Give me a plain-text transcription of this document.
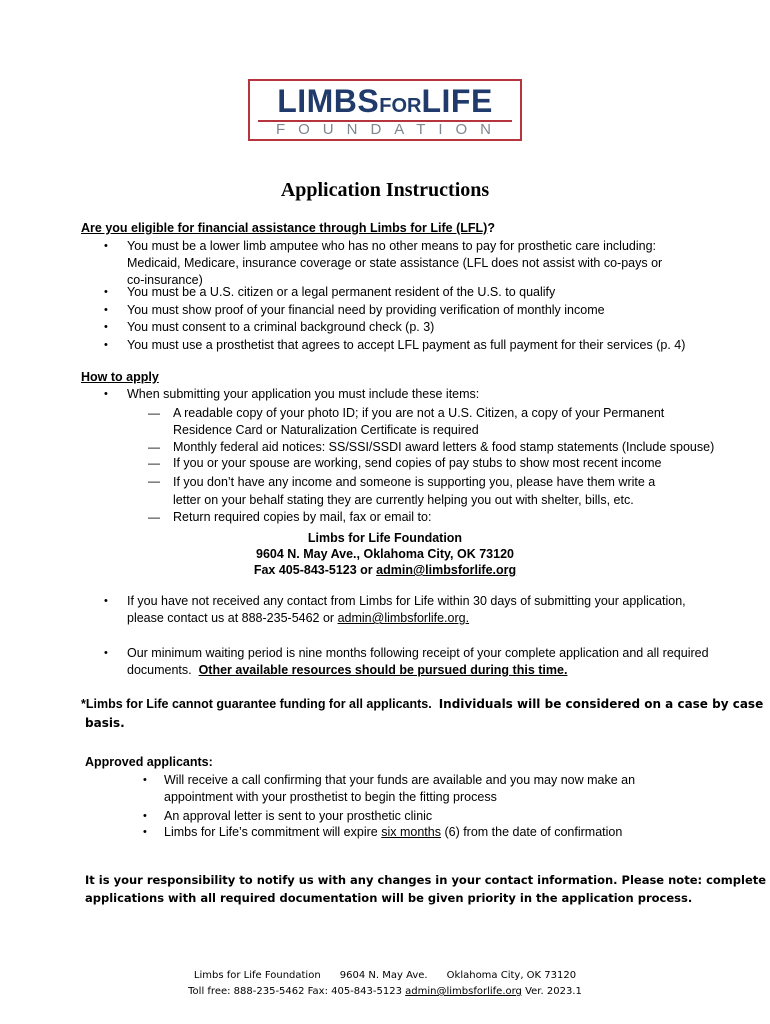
LIMBSFORLIFE
FOUNDATION
Application Instructions
Are you eligible for financial assistance through Limbs for Life (LFL)?
• You must be a lower limb amputee who has no other means to pay for prosthetic care including:
Medicaid, Medicare, insurance coverage or state assistance (LFL does not assist with co-pays or
co-insurance)
• You must be a U.S. citizen or a legal permanent resident of the U.S. to qualify
• You must show proof of your financial need by providing verification of monthly income
• You must consent to a criminal background check (p. 3)
• You must use a prosthetist that agrees to accept LFL payment as full payment for their services (p. 4)
How to apply
• When submitting your application you must include these items:
— A readable copy of your photo ID; if you are not a U.S. Citizen, a copy of your Permanent
Residence Card or Naturalization Certificate is required
— Monthly federal aid notices: SS/SSI/SSDI award letters & food stamp statements (Include spouse)
— If you or your spouse are working, send copies of pay stubs to show most recent income
— If you don’t have any income and someone is supporting you, please have them write a
letter on your behalf stating they are currently helping you out with shelter, bills, etc.
— Return required copies by mail, fax or email to:
Limbs for Life Foundation
9604 N. May Ave., Oklahoma City, OK 73120
Fax 405-843-5123 or admin@limbsforlife.org
• If you have not received any contact from Limbs for Life within 30 days of submitting your application,
please contact us at 888-235-5462 or admin@limbsforlife.org.
• Our minimum waiting period is nine months following receipt of your complete application and all required
documents. Other available resources should be pursued during this time.
*Limbs for Life cannot guarantee funding for all applicants. Individuals will be considered on a case by case
basis.
Approved applicants:
• Will receive a call confirming that your funds are available and you may now make an
appointment with your prosthetist to begin the fitting process
• An approval letter is sent to your prosthetic clinic
• Limbs for Life’s commitment will expire six months (6) from the date of confirmation
It is your responsibility to notify us with any changes in your contact information. Please note: complete
applications with all required documentation will be given priority in the application process.
Limbs for Life Foundation 9604 N. May Ave. Oklahoma City, OK 73120
Toll free: 888-235-5462 Fax: 405-843-5123 admin@limbsforlife.org Ver. 2023.1
